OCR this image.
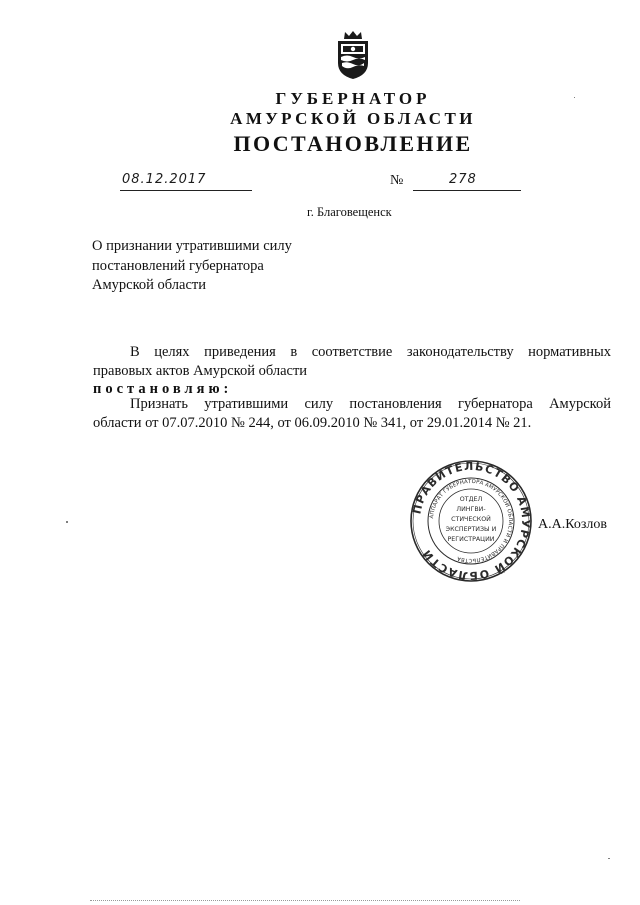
ГУБЕРНАТОР
АМУРСКОЙ ОБЛАСТИ
ПОСТАНОВЛЕНИЕ
08.12.2017	№	278
г. Благовещенск
О признании утратившими силу
постановлений губернатора
Амурской области
В целях приведения в соответствие законодательству нормативных
правовых актов Амурской области
постановляю:
Признать утратившими силу постановления губернатора Амурской
области от 07.07.2010 № 244, от 06.09.2010 № 341, от 29.01.2014 № 21.
ПРАВИТЕЛЬСТВО АМУРСКОЙ ОБЛАСТИ
АППАРАТ ГУБЕРНАТОРА АМУРСКОЙ ОБЛАСТИ И ПРАВИТЕЛЬСТВА
ОТДЕЛ
ЛИНГВИ-
СТИЧЕСКОЙ
ЭКСПЕРТИЗЫ И
РЕГИСТРАЦИИ
А.А.Козлов
